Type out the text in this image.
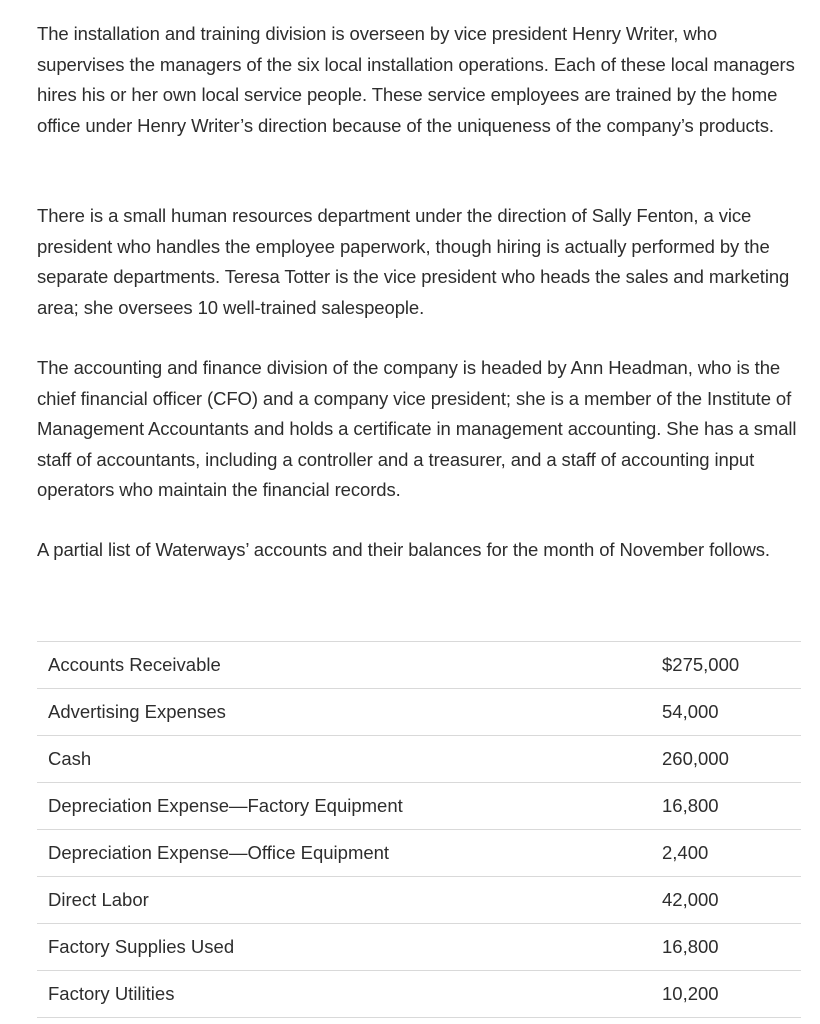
The installation and training division is overseen by vice president Henry Writer, who supervises the managers of the six local installation operations. Each of these local managers hires his or her own local service people. These service employees are trained by the home office under Henry Writer’s direction because of the uniqueness of the company’s products.

There is a small human resources department under the direction of Sally Fenton, a vice president who handles the employee paperwork, though hiring is actually performed by the separate departments. Teresa Totter is the vice president who heads the sales and marketing area; she oversees 10 well-trained salespeople.

The accounting and finance division of the company is headed by Ann Headman, who is the chief financial officer (CFO) and a company vice president; she is a member of the Institute of Management Accountants and holds a certificate in management accounting. She has a small staff of accountants, including a controller and a treasurer, and a staff of accounting input operators who maintain the financial records.

A partial list of Waterways’ accounts and their balances for the month of November follows.

Accounts Receivable	$275,000
Advertising Expenses	54,000
Cash	260,000
Depreciation Expense—Factory Equipment	16,800
Depreciation Expense—Office Equipment	2,400
Direct Labor	42,000
Factory Supplies Used	16,800
Factory Utilities	10,200
